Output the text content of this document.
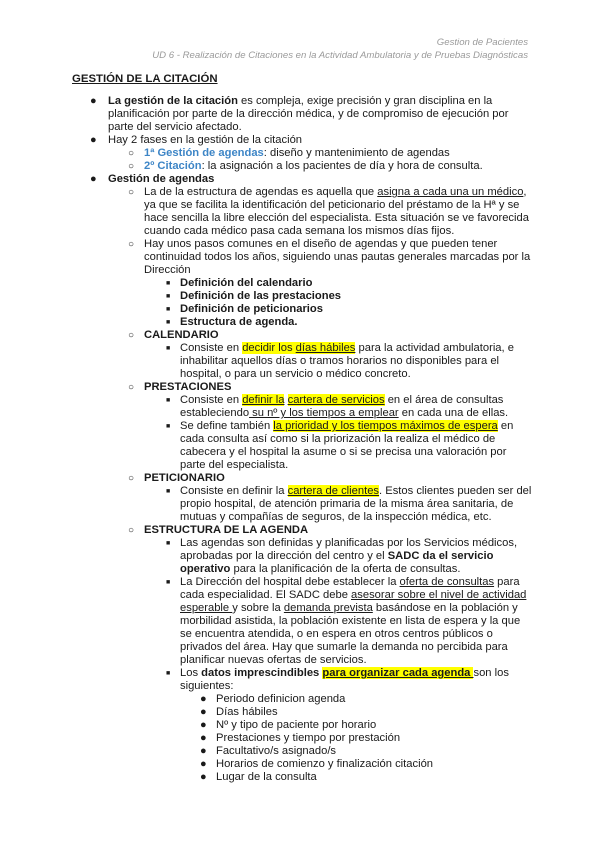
Gestion de Pacientes
UD 6 - Realización de Citaciones en la Actividad Ambulatoria y de Pruebas Diagnósticas
GESTIÓN DE LA CITACIÓN
● La gestión de la citación es compleja, exige precisión y gran disciplina en la planificación por parte de la dirección médica, y de compromiso de ejecución por parte del servicio afectado.
● Hay 2 fases en la gestión de la citación
○ 1ª Gestión de agendas: diseño y mantenimiento de agendas
○ 2º Citación: la asignación a los pacientes de día y hora de consulta.
● Gestión de agendas
○ La de la estructura de agendas es aquella que asigna a cada una un médico, ya que se facilita la identificación del peticionario del préstamo de la Hª y se hace sencilla la libre elección del especialista. Esta situación se ve favorecida cuando cada médico pasa cada semana los mismos días fijos.
○ Hay unos pasos comunes en el diseño de agendas y que pueden tener continuidad todos los años, siguiendo unas pautas generales marcadas por la Dirección
■ Definición del calendario
■ Definición de las prestaciones
■ Definición de peticionarios
■ Estructura de agenda.
○ CALENDARIO
■ Consiste en decidir los días hábiles para la actividad ambulatoria, e inhabilitar aquellos días o tramos horarios no disponibles para el hospital, o para un servicio o médico concreto.
○ PRESTACIONES
■ Consiste en definir la cartera de servicios en el área de consultas estableciendo su nº y los tiempos a emplear en cada una de ellas.
■ Se define también la prioridad y los tiempos máximos de espera en cada consulta así como si la priorización la realiza el médico de cabecera y el hospital la asume o si se precisa una valoración por parte del especialista.
○ PETICIONARIO
■ Consiste en definir la cartera de clientes. Estos clientes pueden ser del propio hospital, de atención primaria de la misma área sanitaria, de mutuas y compañías de seguros, de la inspección médica, etc.
○ ESTRUCTURA DE LA AGENDA
■ Las agendas son definidas y planificadas por los Servicios médicos, aprobadas por la dirección del centro y el SADC da el servicio operativo para la planificación de la oferta de consultas.
■ La Dirección del hospital debe establecer la oferta de consultas para cada especialidad. El SADC debe asesorar sobre el nivel de actividad esperable y sobre la demanda prevista basándose en la población y morbilidad asistida, la población existente en lista de espera y la que se encuentra atendida, o en espera en otros centros públicos o privados del área. Hay que sumarle la demanda no percibida para planificar nuevas ofertas de servicios.
■ Los datos imprescindibles para organizar cada agenda son los siguientes:
● Periodo definicion agenda
● Días hábiles
● Nº y tipo de paciente por horario
● Prestaciones y tiempo por prestación
● Facultativo/s asignado/s
● Horarios de comienzo y finalización citación
● Lugar de la consulta
